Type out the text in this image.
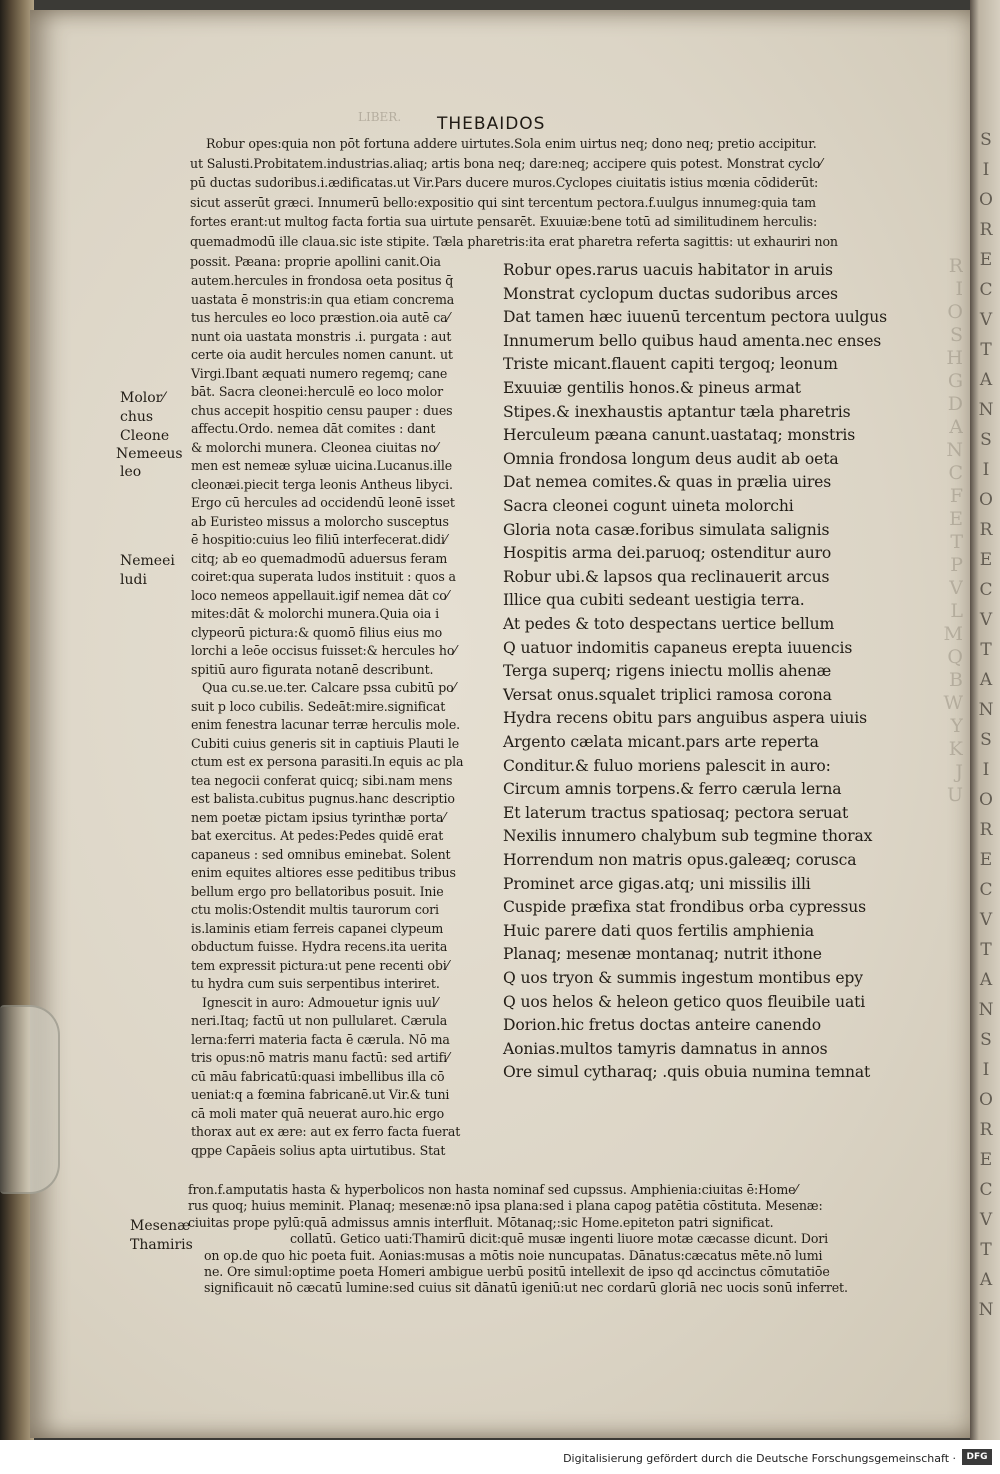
S
I
O
R
E
C
V
T
A
N
S
I
O
R
E
C
V
T
A
N
S
I
O
R
E
C
V
T
A
N
S
I
O
R
E
C
V
T
A
N
R
I
O
S
H
G
D
A
N
C
F
E
T
P
V
L
M
Q
B
W
Y
K
J
U
LIBER. THEBAIDOS
Robur opes:quia non pōt fortuna addere uirtutes.Sola enim uirtus neq; dono neq; pretio accipitur.
ut Salusti.Probitatem.industrias.aliaq; artis bona neq; dare:neq; accipere quis potest. Monstrat cyclo⁄
pū ductas sudoribus.i.ædificatas.ut Vir.Pars ducere muros.Cyclopes ciuitatis istius mœnia cōdiderūt:
sicut asserūt græci. Innumerū bello:expositio qui sint tercentum pectora.f.uulgus innumeg:quia tam
fortes erant:ut multog facta fortia sua uirtute pensarēt. Exuuiæ:bene totū ad similitudinem herculis:
quemadmodū ille claua.sic iste stipite. Tæla pharetris:ita erat pharetra referta sagittis: ut exhauriri non
possit. Pæana: proprie apollini canit.Oia
autem.hercules in frondosa oeta positus q̄
uastata ē monstris:in qua etiam concrema
tus hercules eo loco præstion.oia autē ca⁄
nunt oia uastata monstris .i. purgata : aut
certe oia audit hercules nomen canunt. ut
Virgi.Ibant æquati numero regemq; cane
bāt. Sacra cleonei:herculē eo loco molor
chus accepit hospitio censu pauper : dues
affectu.Ordo. nemea dāt comites : dant
& molorchi munera. Cleonea ciuitas no⁄
men est nemeæ syluæ uicina.Lucanus.ille
cleonæi.piecit terga leonis Antheus libyci.
Ergo cū hercules ad occidendū leonē isset
ab Euristeo missus a molorcho susceptus
ē hospitio:cuius leo filiū interfecerat.didi⁄
citq; ab eo quemadmodū aduersus feram
coiret:qua superata ludos instituit : quos a
loco nemeos appellauit.igif nemea dāt co⁄
mites:dāt & molorchi munera.Quia oia i
clypeorū pictura:& quomō filius eius mo
lorchi a leōe occisus fuisset:& hercules ho⁄
spitiū auro figurata notanē describunt.
Qua cu.se.ue.ter. Calcare pssa cubitū po⁄
suit p loco cubilis. Sedeāt:mire.significat
enim fenestra lacunar terræ herculis mole.
Cubiti cuius generis sit in captiuis Plauti le
ctum est ex persona parasiti.In equis ac pla
tea negocii conferat quicq; sibi.nam mens
est balista.cubitus pugnus.hanc descriptio
nem poetæ pictam ipsius tyrinthæ porta⁄
bat exercitus. At pedes:Pedes quidē erat
capaneus : sed omnibus eminebat. Solent
enim equites altiores esse peditibus tribus
bellum ergo pro bellatoribus posuit. Inie
ctu molis:Ostendit multis taurorum cori
is.laminis etiam ferreis capanei clypeum
obductum fuisse. Hydra recens.ita uerita
tem expressit pictura:ut pene recenti obi⁄
tu hydra cum suis serpentibus interiret.
Ignescit in auro: Admouetur ignis uul⁄
neri.Itaq; factū ut non pullularet. Cærula
lerna:ferri materia facta ē cærula. Nō ma
tris opus:nō matris manu factū: sed artifi⁄
cū māu fabricatū:quasi imbellibus illa cō
ueniat:q a fœmina fabricanē.ut Vir.& tuni
cā moli mater quā neuerat auro.hic ergo
thorax aut ex ære: aut ex ferro facta fuerat
qppe Capāeis solius apta uirtutibus. Stat
Robur opes.rarus uacuis habitator in aruis
Monstrat cyclopum ductas sudoribus arces
Dat tamen hæc iuuenū tercentum pectora uulgus
Innumerum bello quibus haud amenta.nec enses
Triste micant.flauent capiti tergoq; leonum
Exuuiæ gentilis honos.& pineus armat
Stipes.& inexhaustis aptantur tæla pharetris
Herculeum pæana canunt.uastataq; monstris
Omnia frondosa longum deus audit ab oeta
Dat nemea comites.& quas in prælia uires
Sacra cleonei cogunt uineta molorchi
Gloria nota casæ.foribus simulata salignis
Hospitis arma dei.paruoq; ostenditur auro
Robur ubi.& lapsos qua reclinauerit arcus
Illice qua cubiti sedeant uestigia terra.
At pedes & toto despectans uertice bellum
Q uatuor indomitis capaneus erepta iuuencis
Terga superq; rigens iniectu mollis ahenæ
Versat onus.squalet triplici ramosa corona
Hydra recens obitu pars anguibus aspera uiuis
Argento cælata micant.pars arte reperta
Conditur.& fuluo moriens palescit in auro:
Circum amnis torpens.& ferro cærula lerna
Et laterum tractus spatiosaq; pectora seruat
Nexilis innumero chalybum sub tegmine thorax
Horrendum non matris opus.galeæq; corusca
Prominet arce gigas.atq; uni missilis illi
Cuspide præfixa stat frondibus orba cypressus
Huic parere dati quos fertilis amphienia
Planaq; mesenæ montanaq; nutrit ithone
Q uos tryon & summis ingestum montibus epy
Q uos helos & heleon getico quos fleuibile uati
Dorion.hic fretus doctas anteire canendo
Aonias.multos tamyris damnatus in annos
Ore simul cytharaq; .quis obuia numina temnat
fron.f.amputatis hasta & hyperbolicos non hasta nominaf sed cupssus. Amphienia:ciuitas ē:Home⁄
rus quoq; huius meminit. Planaq; mesenæ:nō ipsa plana:sed i plana capog patētia cōstituta. Mesenæ:
ciuitas prope pylū:quā admissus amnis interfluit. Mōtanaq;:sic Home.epiteton patri significat.
collatū. Getico uati:Thamirū dicit:quē musæ ingenti liuore motæ cæcasse dicunt. Dori
on op.de quo hic poeta fuit. Aonias:musas a mōtis noie nuncupatas. Dānatus:cæcatus mēte.nō lumi
ne. Ore simul:optime poeta Homeri ambigue uerbū positū intellexit de ipso qd accinctus cōmutatiōe
significauit nō cæcatū lumine:sed cuius sit dānatū igeniū:ut nec cordarū gloriā nec uocis sonū inferret.
Molor⁄
chus
Cleone
Nemeeus
leo
Nemeei
ludi
Mesenæ
Thamiris
Digitalisierung gefördert durch die Deutsche Forschungsgemeinschaft ·	DFG
